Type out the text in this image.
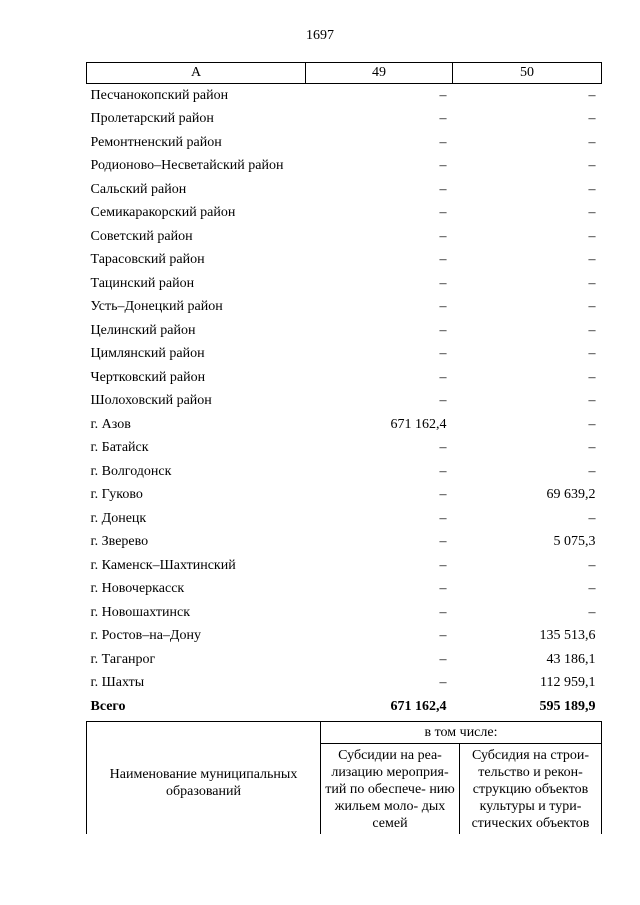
1697
А	49	50
Песчанокопский район	–	–
Пролетарский район	–	–
Ремонтненский район	–	–
Родионово–Несветайский район	–	–
Сальский район	–	–
Семикаракорский район	–	–
Советский район	–	–
Тарасовский район	–	–
Тацинский район	–	–
Усть–Донецкий район	–	–
Целинский район	–	–
Цимлянский район	–	–
Чертковский район	–	–
Шолоховский район	–	–
г. Азов	671 162,4	–
г. Батайск	–	–
г. Волгодонск	–	–
г. Гуково	–	69 639,2
г. Донецк	–	–
г. Зверево	–	5 075,3
г. Каменск–Шахтинский	–	–
г. Новочеркасск	–	–
г. Новошахтинск	–	–
г. Ростов–на–Дону	–	135 513,6
г. Таганрог	–	43 186,1
г. Шахты	–	112 959,1
Всего	671 162,4	595 189,9
Наименование муниципальных образований	в том числе:	

	Субсидии на реа- лизацию мероприя- тий по обеспече- нию жильем моло- дых семей	Субсидия на строи- тельство и рекон- струкцию объектов культуры и тури- стических объектов
